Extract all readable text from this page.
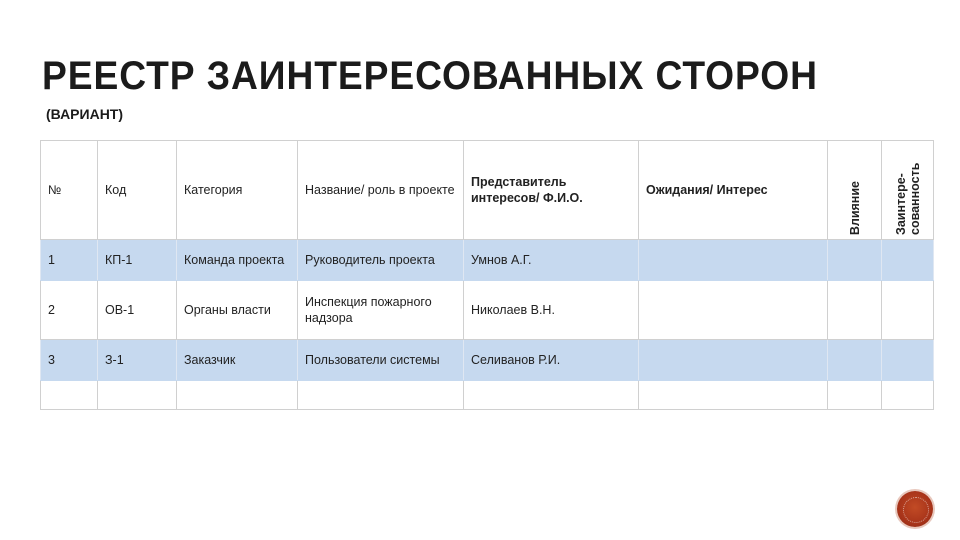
РЕЕСТР ЗАИНТЕРЕСОВАННЫХ СТОРОН
(ВАРИАНТ)
№	Код	Категория	Название/ роль в проекте	Представитель интересов/ Ф.И.О.	Ожидания/ Интерес	Влияние	Заинтере-сованность

1	КП-1	Команда проекта	Руководитель проекта	Умнов А.Г.			
2	ОВ-1	Органы власти	Инспекция пожарного надзора	Николаев В.Н.			
3	З-1	Заказчик	Пользователи системы	Селиванов Р.И.			
